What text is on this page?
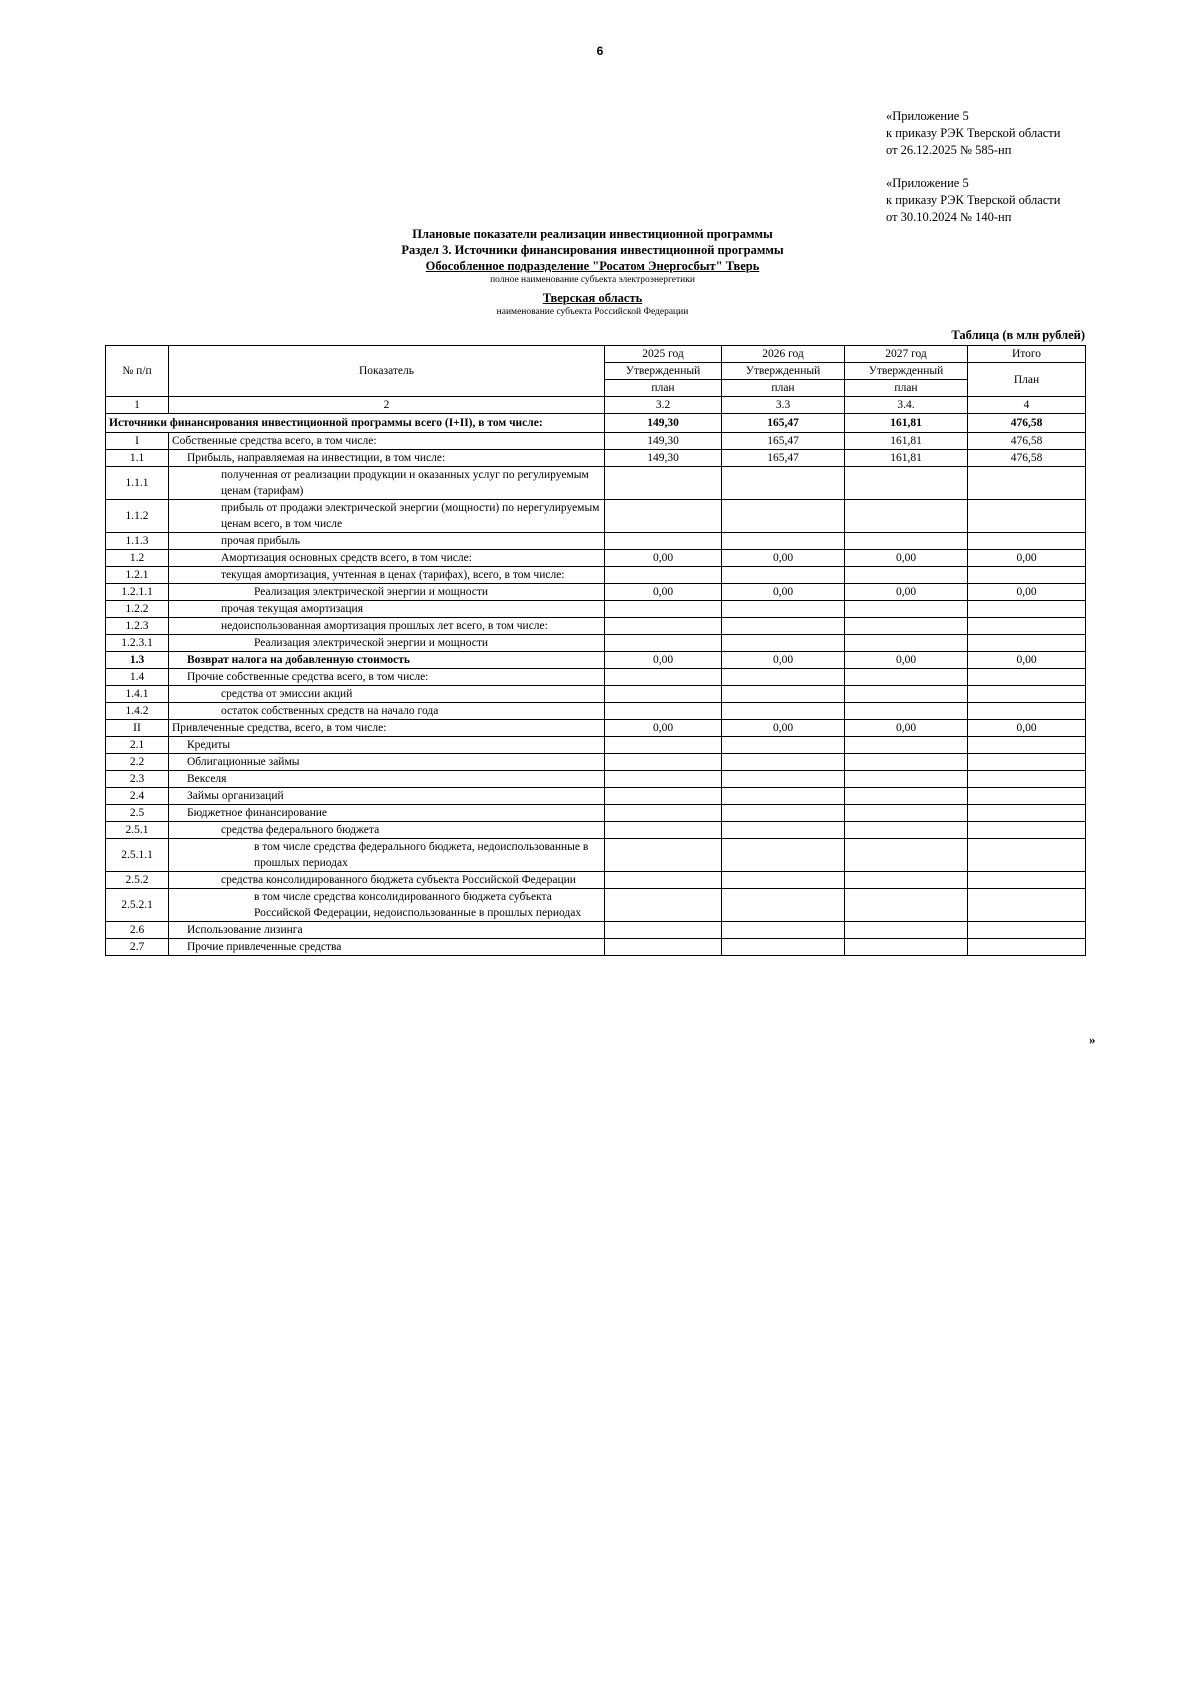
6
«Приложение 5
к приказу РЭК Тверской области
от 26.12.2025 № 585-нп
«Приложение 5
к приказу РЭК Тверской области
от 30.10.2024 № 140-нп
Плановые показатели реализации инвестиционной программы
Раздел 3. Источники финансирования инвестиционной программы
Обособленное подразделение "Росатом Энергосбыт" Тверь
полное наименование субъекта электроэнергетики
Тверская область
наименование субъекта Российской Федерации
Таблица (в млн рублей)
№ п/п	Показатель	2025 год	2026 год	2027 год	Итого
		Утвержденный	Утвержденный	Утвержденный	План
		план	план	план	
1	2	3.2	3.3	3.4.	4
Источники финансирования инвестиционной программы всего (I+II), в том числе:		149,30	165,47	161,81	476,58
I	Собственные средства всего, в том числе:	149,30	165,47	161,81	476,58
1.1	Прибыль, направляемая на инвестиции, в том числе:	149,30	165,47	161,81	476,58
1.1.1	полученная от реализации продукции и оказанных услуг по регулируемым ценам (тарифам)				
1.1.2	прибыль от продажи электрической энергии (мощности) по нерегулируемым ценам всего, в том числе				
1.1.3	прочая прибыль				
1.2	Амортизация основных средств всего, в том числе:	0,00	0,00	0,00	0,00
1.2.1	текущая амортизация, учтенная в ценах (тарифах), всего, в том числе:				
1.2.1.1	Реализация электрической энергии и мощности	0,00	0,00	0,00	0,00
1.2.2	прочая текущая амортизация				
1.2.3	недоиспользованная амортизация прошлых лет всего, в том числе:				
1.2.3.1	Реализация электрической энергии и мощности				
1.3	Возврат налога на добавленную стоимость	0,00	0,00	0,00	0,00
1.4	Прочие собственные средства всего, в том числе:				
1.4.1	средства от эмиссии акций				
1.4.2	остаток собственных средств на начало года				
II	Привлеченные средства, всего, в том числе:	0,00	0,00	0,00	0,00
2.1	Кредиты				
2.2	Облигационные займы				
2.3	Векселя				
2.4	Займы организаций				
2.5	Бюджетное финансирование				
2.5.1	средства федерального бюджета				
2.5.1.1	в том числе средства федерального бюджета, недоиспользованные в прошлых периодах				
2.5.2	средства консолидированного бюджета субъекта Российской Федерации				
2.5.2.1	в том числе средства консолидированного бюджета субъекта Российской Федерации, недоиспользованные в прошлых периодах				
2.6	Использование лизинга				
2.7	Прочие привлеченные средства				
»
